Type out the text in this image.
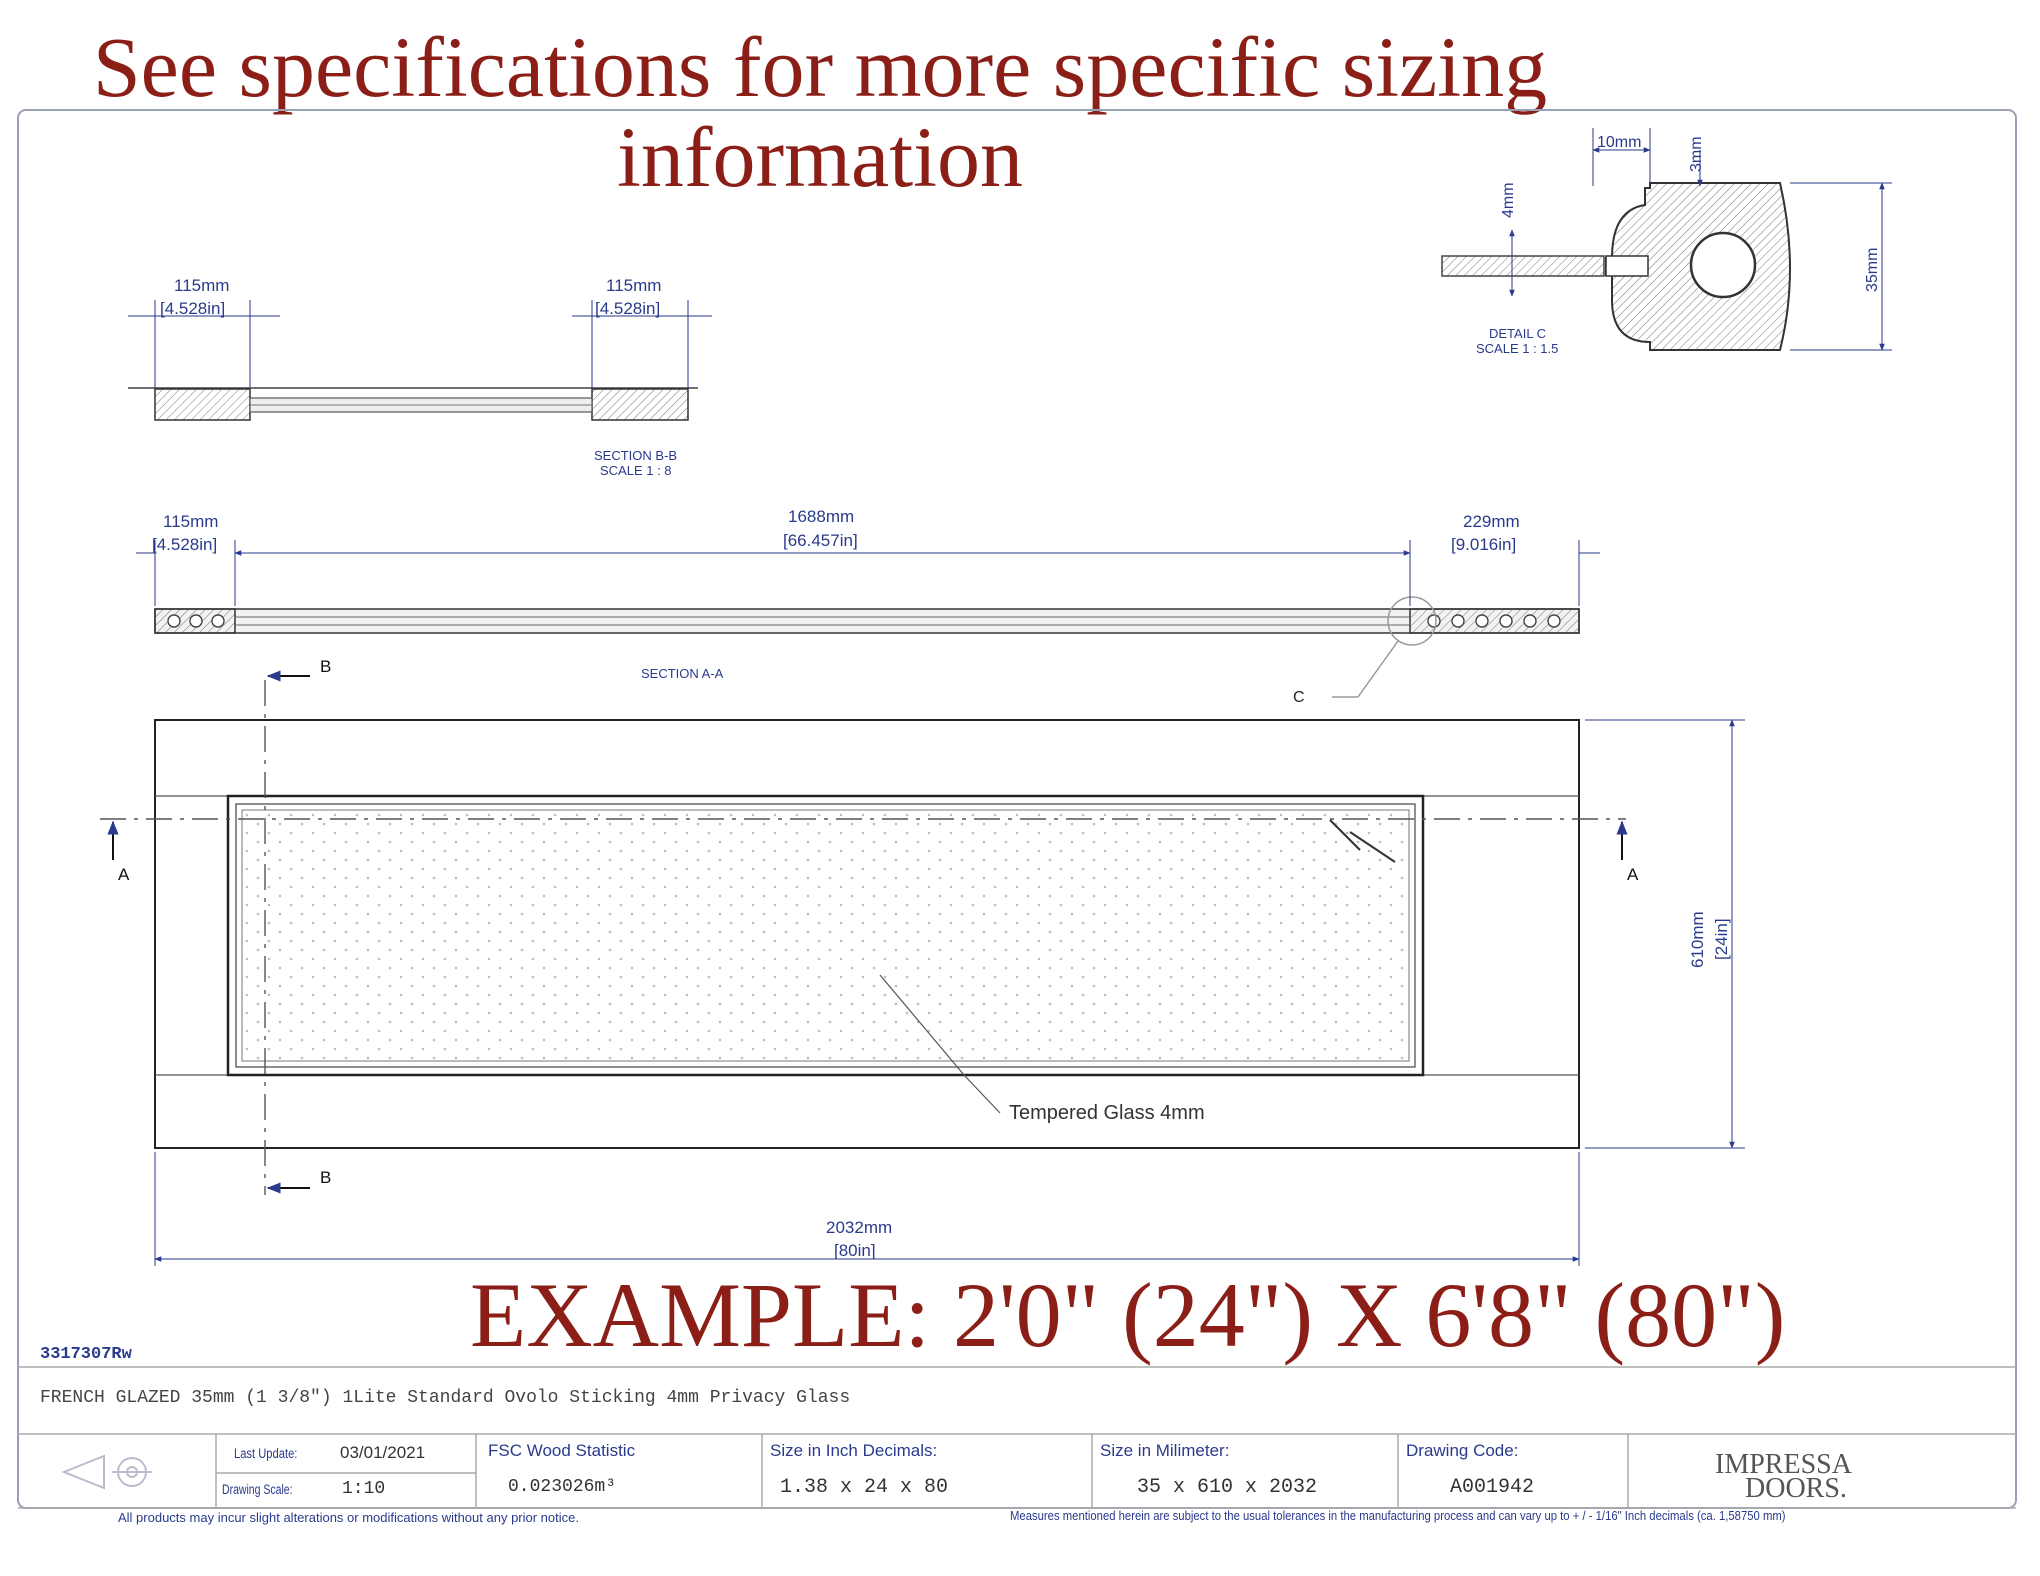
See specifications for more specific sizing
information	10mm	3mm
4mm
35mm
DETAIL C
SCALE 1 : 1.5
115mm
[4.528in]
115mm
[4.528in]
SECTION B-B
SCALE 1 : 8
115mm
[4.528in]
1688mm
[66.457in]
229mm
[9.016in]
SECTION A-A
C
B
B
A	A
Tempered Glass 4mm
610mm [24in]
2032mm
[80in]
3317307Rw
FRENCH GLAZED 35mm (1 3/8") 1Lite Standard Ovolo Sticking 4mm Privacy Glass
Last Update:	03/01/2021
Drawing Scale:	1:10
FSC Wood Statistic
0.023026m³
Size in Inch Decimals:
1.38 x 24 x 80
Size in Milimeter:
35 x 610 x 2032
Drawing Code:
A001942
IMPRESSA
DOORS.
All products may incur slight alterations or modifications without any prior notice.	Measures mentioned herein are subject to the usual tolerances in the manufacturing process and can vary up to + / - 1/16" Inch decimals (ca. 1,58750 mm)
EXAMPLE: 2'0" (24") X 6'8" (80")
